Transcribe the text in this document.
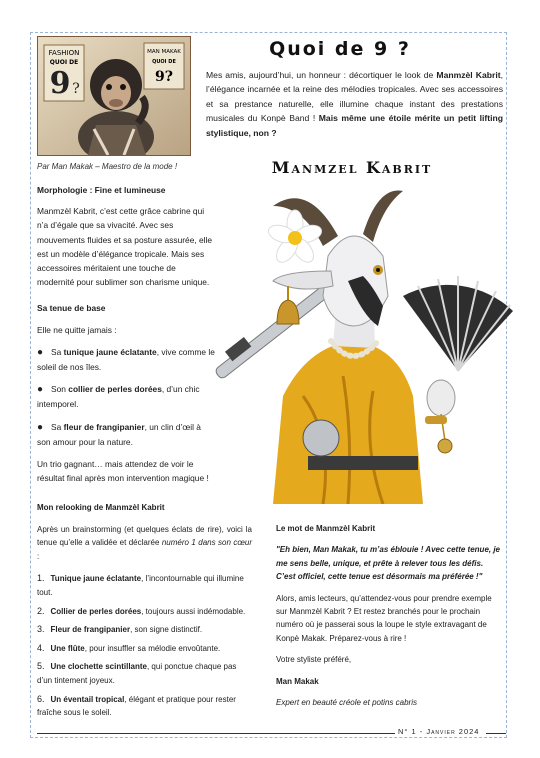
FASHION
QUOI DE
9 ?
MAN MAKAK
QUOI DE
9?
Quoi de 9 ?
Mes amis, aujourd’hui, un honneur : décortiquer le look de Manmzèl Kabrit, l’élégance incarnée et la reine des mélodies tropicales. Avec ses accessoires et sa prestance naturelle, elle illumine chaque instant des prestations musicales du Konpè Band ! Mais même une étoile mérite un petit lifting stylistique, non ?
Par Man Makak – Maestro de la mode !	Manmzel Kabrit
Morphologie : Fine et lumineuse

Manmzèl Kabrit, c’est cette grâce cabrine qui n’a d’égale que sa vivacité. Avec ses mouvements fluides et sa posture assurée, elle est un modèle d’élégance tropicale. Mais ses accessoires méritaient une touche de modernité pour sublimer son charisme unique.

Sa tenue de base

Elle ne quitte jamais :

● Sa tunique jaune éclatante, vive comme le soleil de nos îles.
● Son collier de perles dorées, d’un chic intemporel.
● Sa fleur de frangipanier, un clin d’œil à son amour pour la nature.

Un trio gagnant… mais attendez de voir le résultat final après mon intervention magique !

Mon relooking de Manmzèl Kabrit

Après un brainstorming (et quelques éclats de rire), voici la tenue qu’elle a validée et déclarée numéro 1 dans son cœur :

1. Tunique jaune éclatante, l’incontournable qui illumine tout.
2. Collier de perles dorées, toujours aussi indémodable.
3. Fleur de frangipanier, son signe distinctif.
4. Une flûte, pour insuffler sa mélodie envoûtante.
5. Une clochette scintillante, qui ponctue chaque pas d’un tintement joyeux.
6. Un éventail tropical, élégant et pratique pour rester fraîche sous le soleil.
Le mot de Manmzèl Kabrit

"Eh bien, Man Makak, tu m’as éblouie ! Avec cette tenue, je me sens belle, unique, et prête à relever tous les défis. C’est officiel, cette tenue est désormais ma préférée !"

Alors, amis lecteurs, qu’attendez-vous pour prendre exemple sur Manmzèl Kabrit ? Et restez branchés pour le prochain numéro où je passerai sous la loupe le style extravagant de Konpè Makak. Préparez-vous à rire !

Votre styliste préféré,

Man Makak

Expert en beauté créole et potins cabris

N° 1 - Janvier 2024
